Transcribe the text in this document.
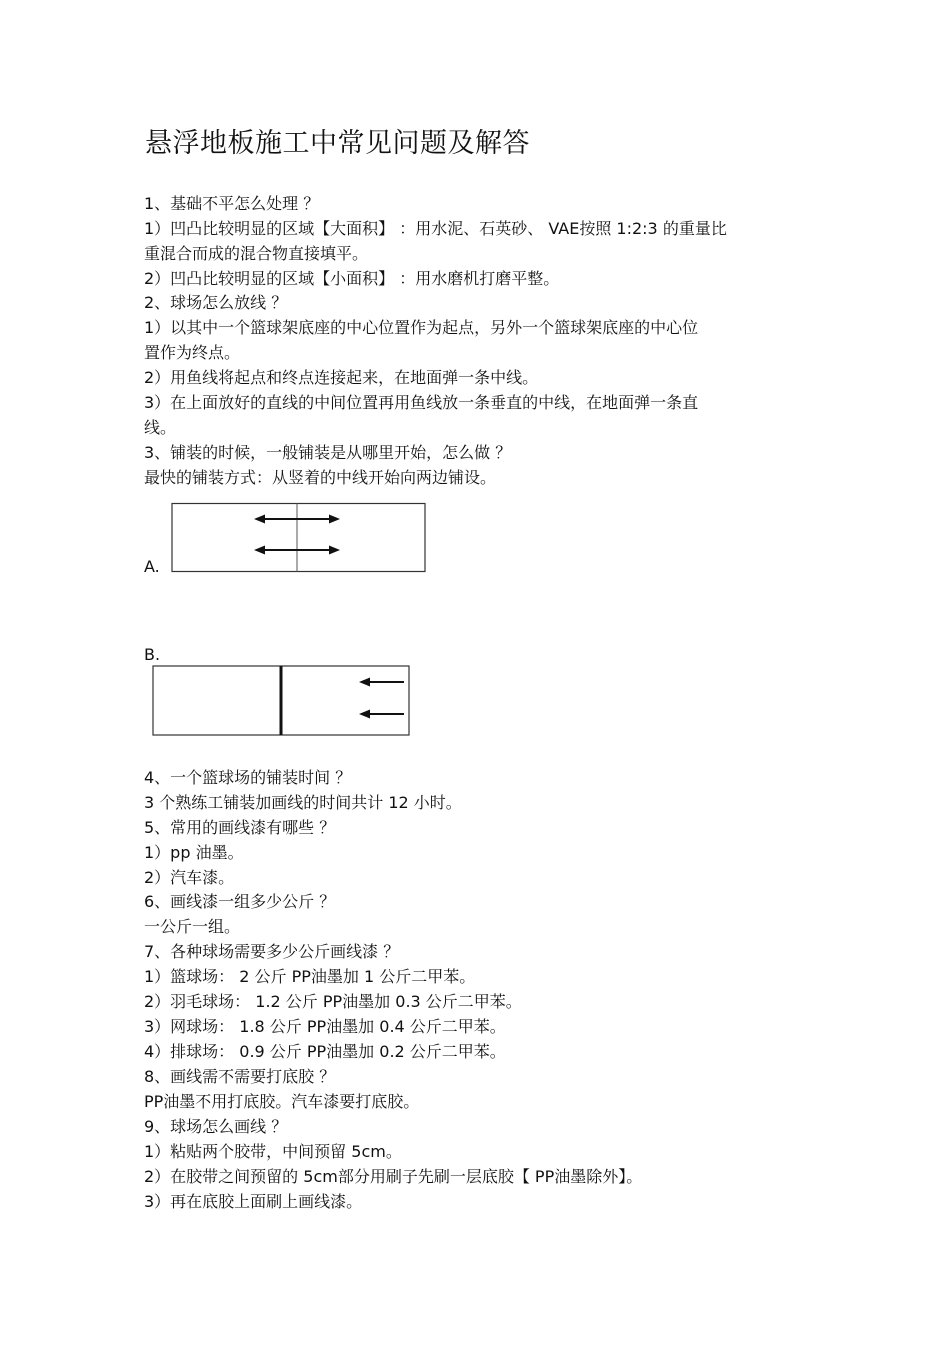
悬浮地板施工中常见问题及解答
1、基础不平怎么处理 ？
1）凹凸比较明显的区域【大面积】 ：用水泥、石英砂、 VAE按照 1:2:3 的重量比
重混合而成的混合物直接填平。
2）凹凸比较明显的区域【小面积】 ：用水磨机打磨平整。
2、球场怎么放线 ？
1）以其中一个篮球架底座的中心位置作为起点，另外一个篮球架底座的中心位
置作为终点。
2）用鱼线将起点和终点连接起来，在地面弹一条中线。
3）在上面放好的直线的中间位置再用鱼线放一条垂直的中线，在地面弹一条直
线。
3、铺装的时候，一般铺装是从哪里开始，怎么做 ？
最快的铺装方式：从竖着的中线开始向两边铺设。
A.
B.
4、一个篮球场的铺装时间 ？
3 个熟练工铺装加画线的时间共计 12 小时。
5、常用的画线漆有哪些 ？
1）pp 油墨。
2）汽车漆。
6、画线漆一组多少公斤 ？
一公斤一组。
7、各种球场需要多少公斤画线漆 ？
1）篮球场： 2 公斤 PP油墨加 1 公斤二甲苯。
2）羽毛球场： 1.2 公斤 PP油墨加 0.3 公斤二甲苯。
3）网球场： 1.8 公斤 PP油墨加 0.4 公斤二甲苯。
4）排球场： 0.9 公斤 PP油墨加 0.2 公斤二甲苯。
8、画线需不需要打底胶 ？
PP油墨不用打底胶。汽车漆要打底胶。
9、球场怎么画线 ？
1）粘贴两个胶带，中间预留 5cm。
2）在胶带之间预留的 5cm部分用刷子先刷一层底胶【 PP油墨除外】。
3）再在底胶上面刷上画线漆。
